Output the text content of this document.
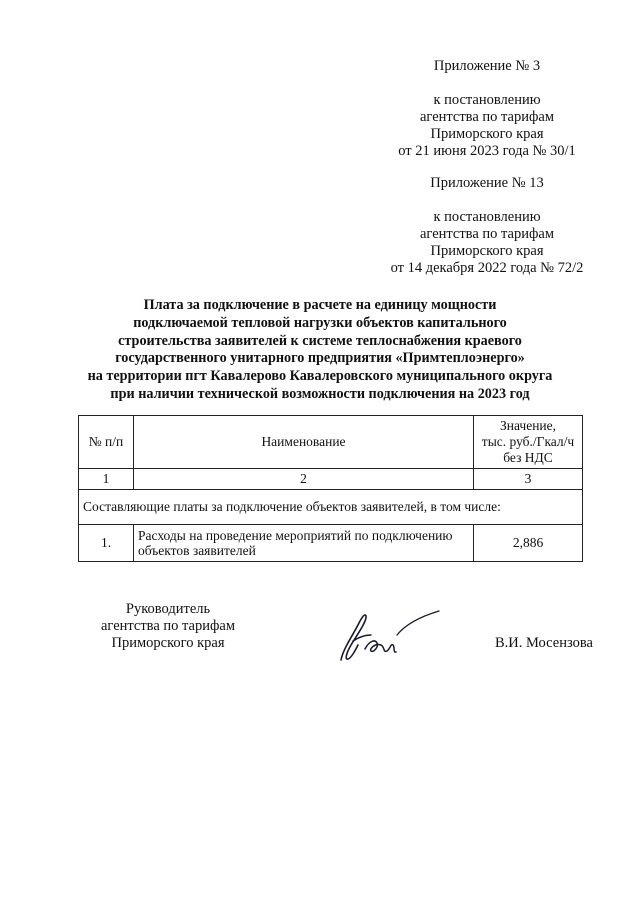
Приложение № 3
к постановлению
агентства по тарифам
Приморского края
от 21 июня 2023 года № 30/1
Приложение № 13
к постановлению
агентства по тарифам
Приморского края
от 14 декабря 2022 года № 72/2
Плата за подключение в расчете на единицу мощности
подключаемой тепловой нагрузки объектов капитального
строительства заявителей к системе теплоснабжения краевого
государственного унитарного предприятия «Примтеплоэнерго»
на территории пгт Кавалерово Кавалеровского муниципального округа
при наличии технической возможности подключения на 2023 год
№ п/п	Наименование	Значение,
тыс. руб./Гкал/ч
без НДС

1	2	3
Составляющие платы за подключение объектов заявителей, в том числе:		
1.	Расходы на проведение мероприятий по подключению объектов заявителей	2,886
Руководитель
агентства по тарифам
Приморского края	В.И. Мосензова
